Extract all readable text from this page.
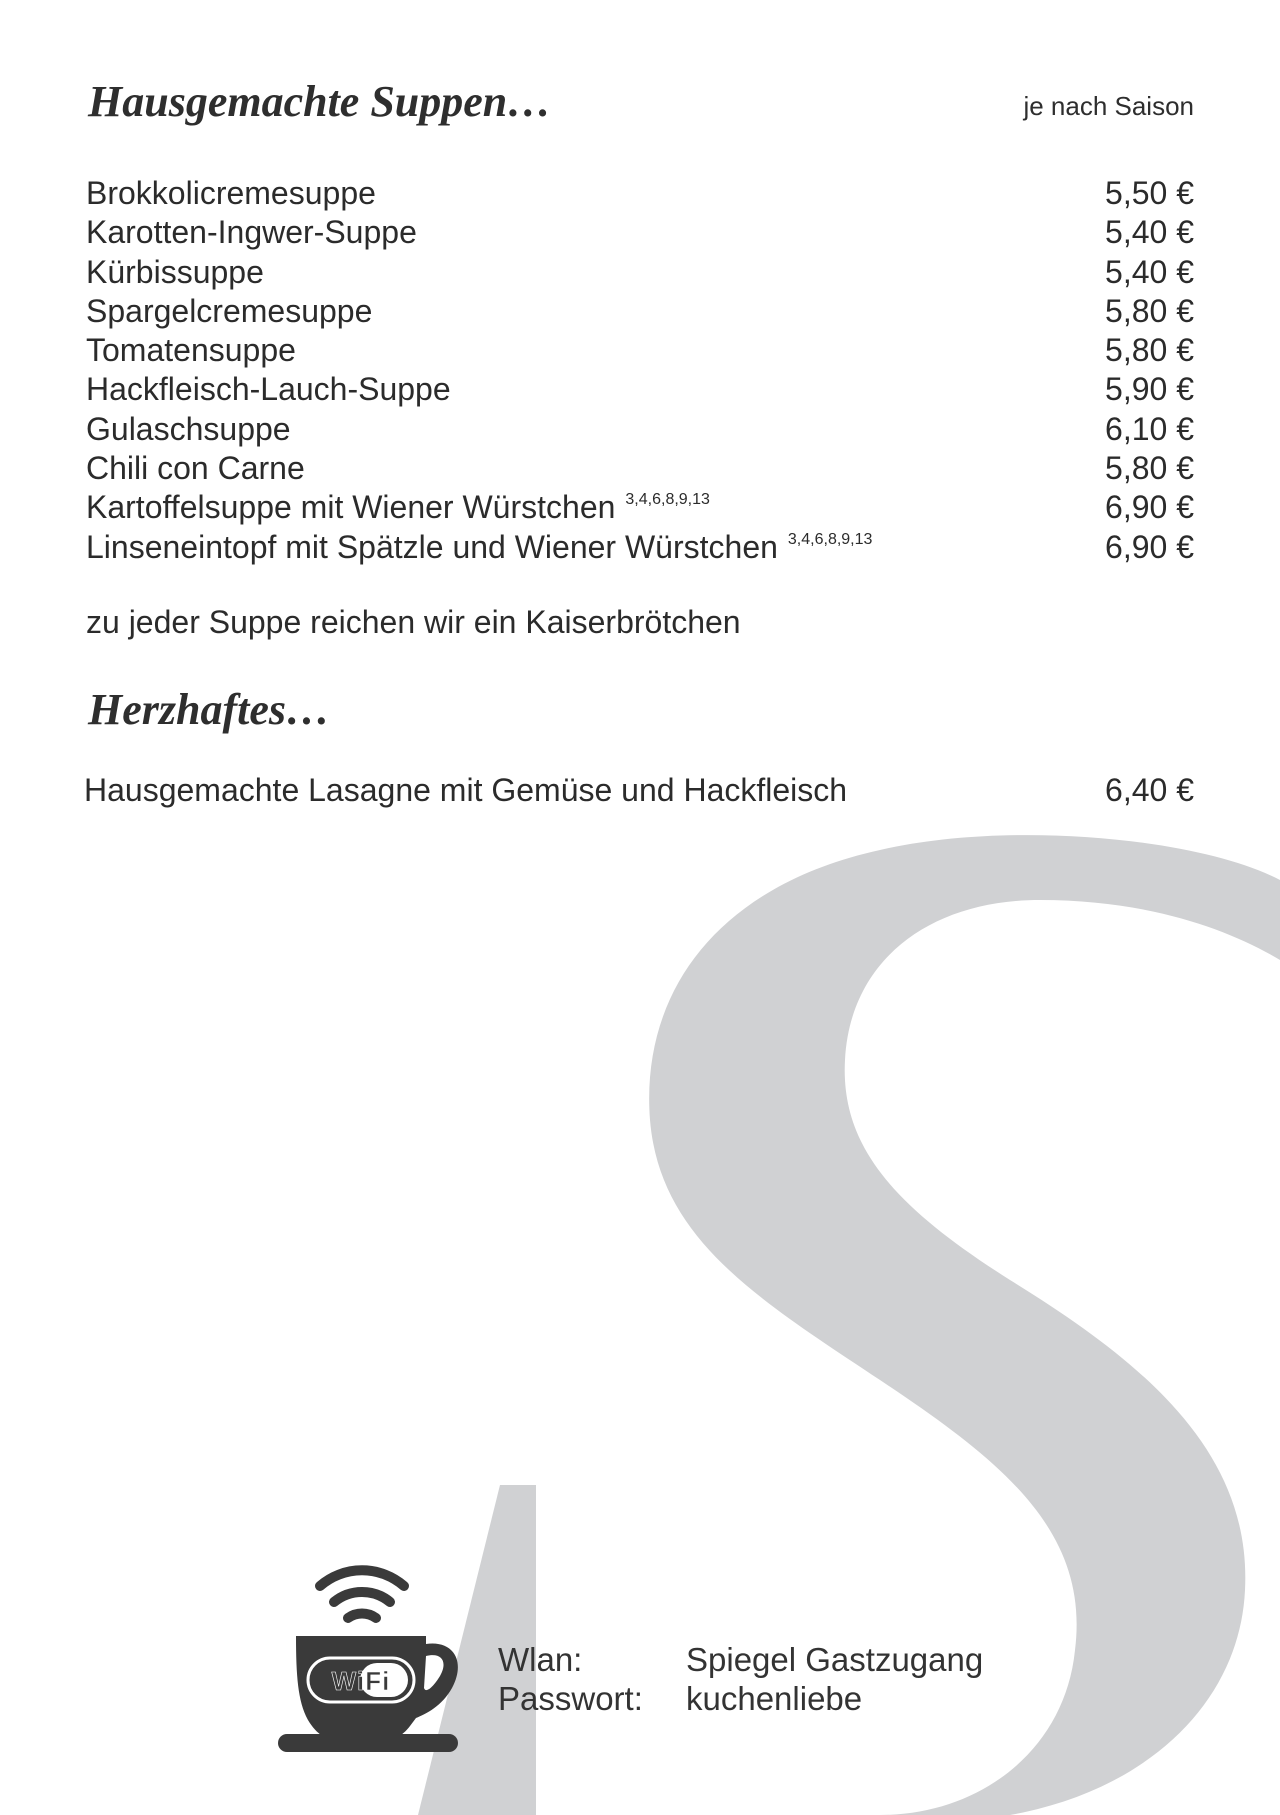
Hausgemachte Suppen…	je nach Saison
Brokkolicremesuppe	5,50 €
Karotten-Ingwer-Suppe	5,40 €
Kürbissuppe	5,40 €
Spargelcremesuppe	5,80 €
Tomatensuppe	5,80 €
Hackfleisch-Lauch-Suppe	5,90 €
Gulaschsuppe	6,10 €
Chili con Carne	5,80 €
Kartoffelsuppe mit Wiener Würstchen $^{3,4,6,8,9,13}$	6,90 €
Linseneintopf mit Spätzle und Wiener Würstchen $^{3,4,6,8,9,13}$	6,90 €
zu jeder Suppe reichen wir ein Kaiserbrötchen
Herzhaftes…
Hausgemachte Lasagne mit Gemüse und Hackfleisch	6,40 €
WiFi
Wlan:	Spiegel Gastzugang
Passwort:	kuchenliebe
